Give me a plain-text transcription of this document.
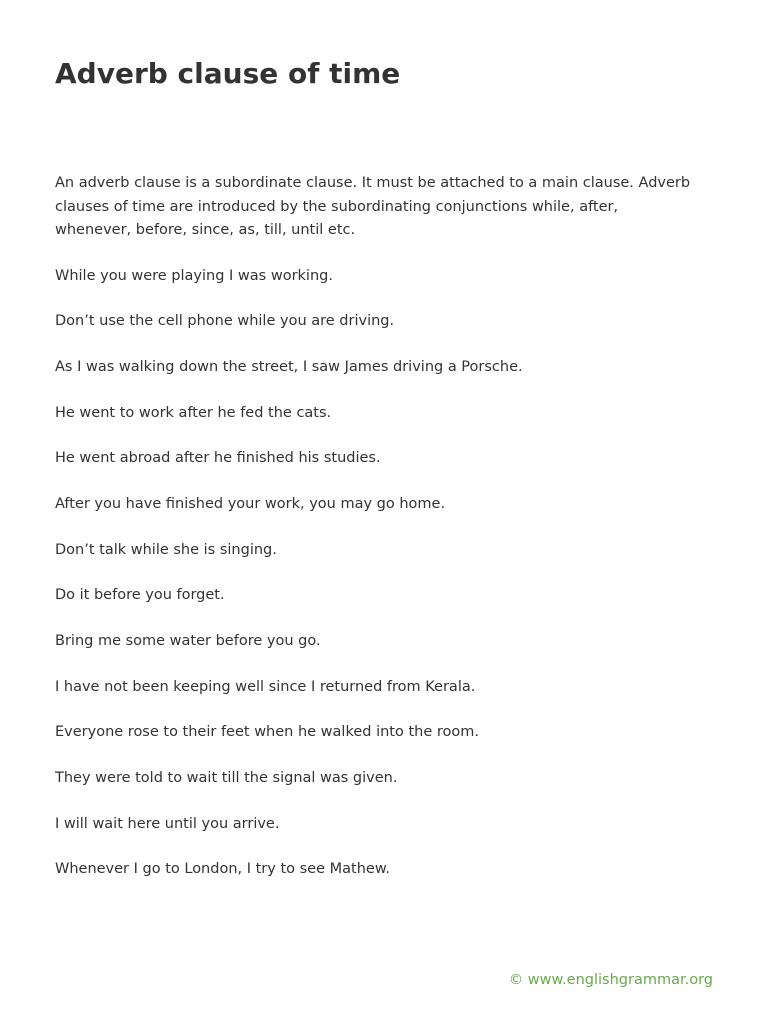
Adverb clause of time

An adverb clause is a subordinate clause. It must be attached to a main clause. Adverb clauses of time are introduced by the subordinating conjunctions while, after, whenever, before, since, as, till, until etc.

While you were playing I was working.
Don’t use the cell phone while you are driving.
As I was walking down the street, I saw James driving a Porsche.
He went to work after he fed the cats.
He went abroad after he finished his studies.
After you have finished your work, you may go home.
Don’t talk while she is singing.
Do it before you forget.
Bring me some water before you go.
I have not been keeping well since I returned from Kerala.
Everyone rose to their feet when he walked into the room.
They were told to wait till the signal was given.
I will wait here until you arrive.
Whenever I go to London, I try to see Mathew.
© www.englishgrammar.org
